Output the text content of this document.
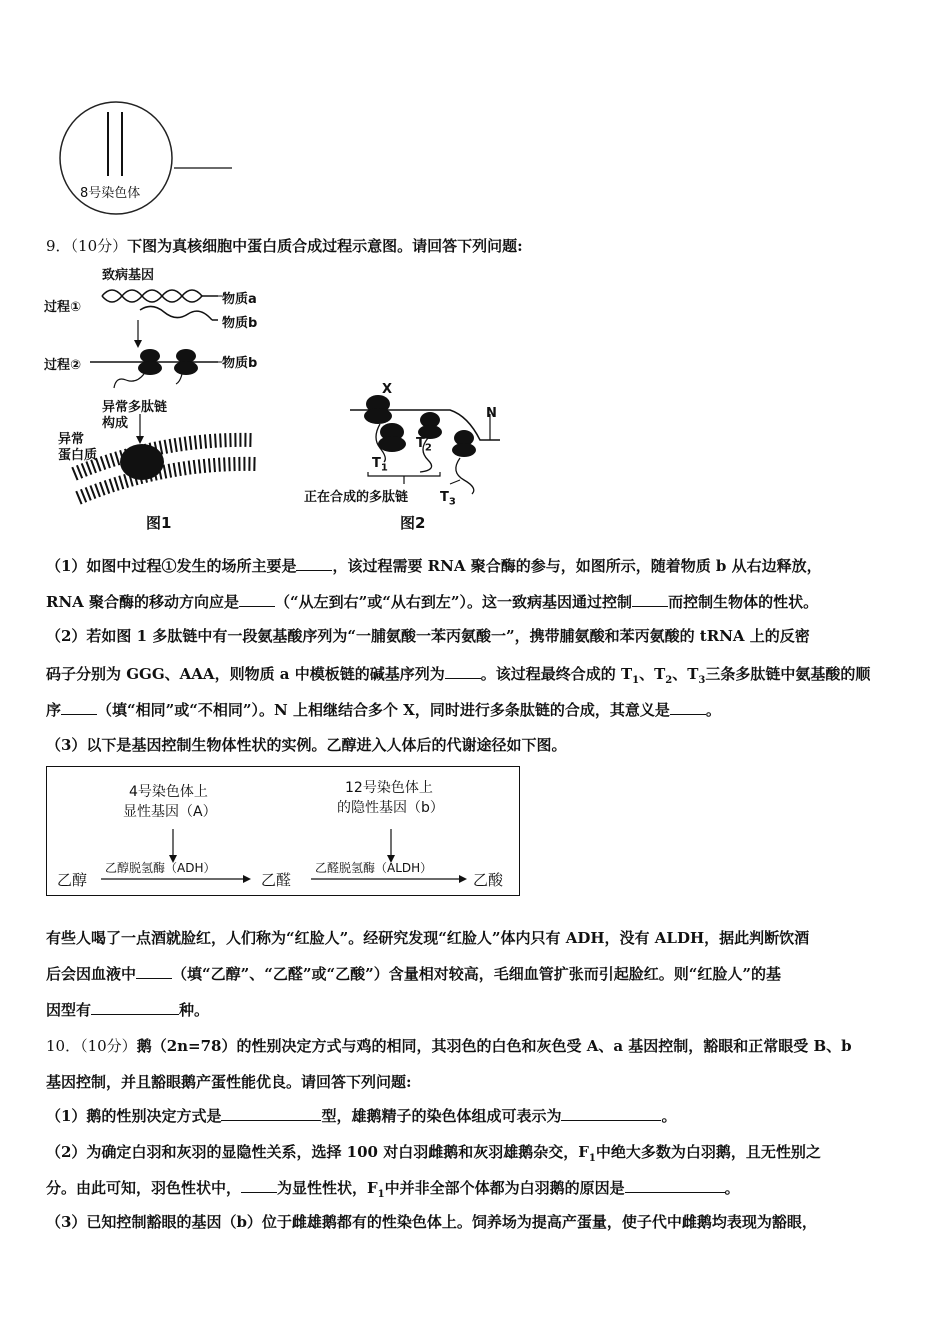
8号染色体
9．（10分）下图为真核细胞中蛋白质合成过程示意图。请回答下列问题:
致病基因
过程①
物质a
物质b
过程②	物质b
异常多肽链
构成
异常
蛋白质
图1
X
N
$T_2$
$T_1$
正在合成的多肽链 $T_3$
图2
（1）如图中过程①发生的场所主要是 ，该过程需要 RNA 聚合酶的参与，如图所示，随着物质 b 从右边释放，
RNA 聚合酶的移动方向应是 （“从左到右”或“从右到左”）。这一致病基因通过控制 而控制生物体的性状。
（2）若如图 1 多肽链中有一段氨基酸序列为“一脯氨酸一苯丙氨酸一”，携带脯氨酸和苯丙氨酸的 tRNA 上的反密
码子分别为 GGG、AAA，则物质 a 中模板链的碱基序列为 。该过程最终合成的 $T_1$、$T_2$、$T_3$三条多肽链中氨基酸的顺
序 （填“相同”或“不相同”）。N 上相继结合多个 X，同时进行多条肽链的合成，其意义是 。
（3）以下是基因控制生物体性状的实例。乙醇进入人体后的代谢途径如下图。
4号染色体上
显性基因（A）
12号染色体上
的隐性基因（b）
乙醇
乙醇脱氢酶（ADH）
乙醛
乙醛脱氢酶（ALDH）
乙酸
有些人喝了一点酒就脸红，人们称为“红脸人”。经研究发现“红脸人”体内只有 ADH，没有 ALDH，据此判断饮酒
后会因血液中 （填“乙醇”、“乙醛”或“乙酸”）含量相对较高，毛细血管扩张而引起脸红。则“红脸人”的基
因型有	种。
10．（10分）鹅（2n=78）的性别决定方式与鸡的相同，其羽色的白色和灰色受 A、a 基因控制，豁眼和正常眼受 B、b
基因控制，并且豁眼鹅产蛋性能优良。请回答下列问题:
（1）鹅的性别决定方式是	型，雄鹅精子的染色体组成可表示为	。
（2）为确定白羽和灰羽的显隐性关系，选择 100 对白羽雌鹅和灰羽雄鹅杂交，$F_1$中绝大多数为白羽鹅，且无性别之
分。由此可知，羽色性状中， 为显性性状，$F_1$中并非全部个体都为白羽鹅的原因是	。
（3）已知控制豁眼的基因（b）位于雌雄鹅都有的性染色体上。饲养场为提高产蛋量，使子代中雌鹅均表现为豁眼，
